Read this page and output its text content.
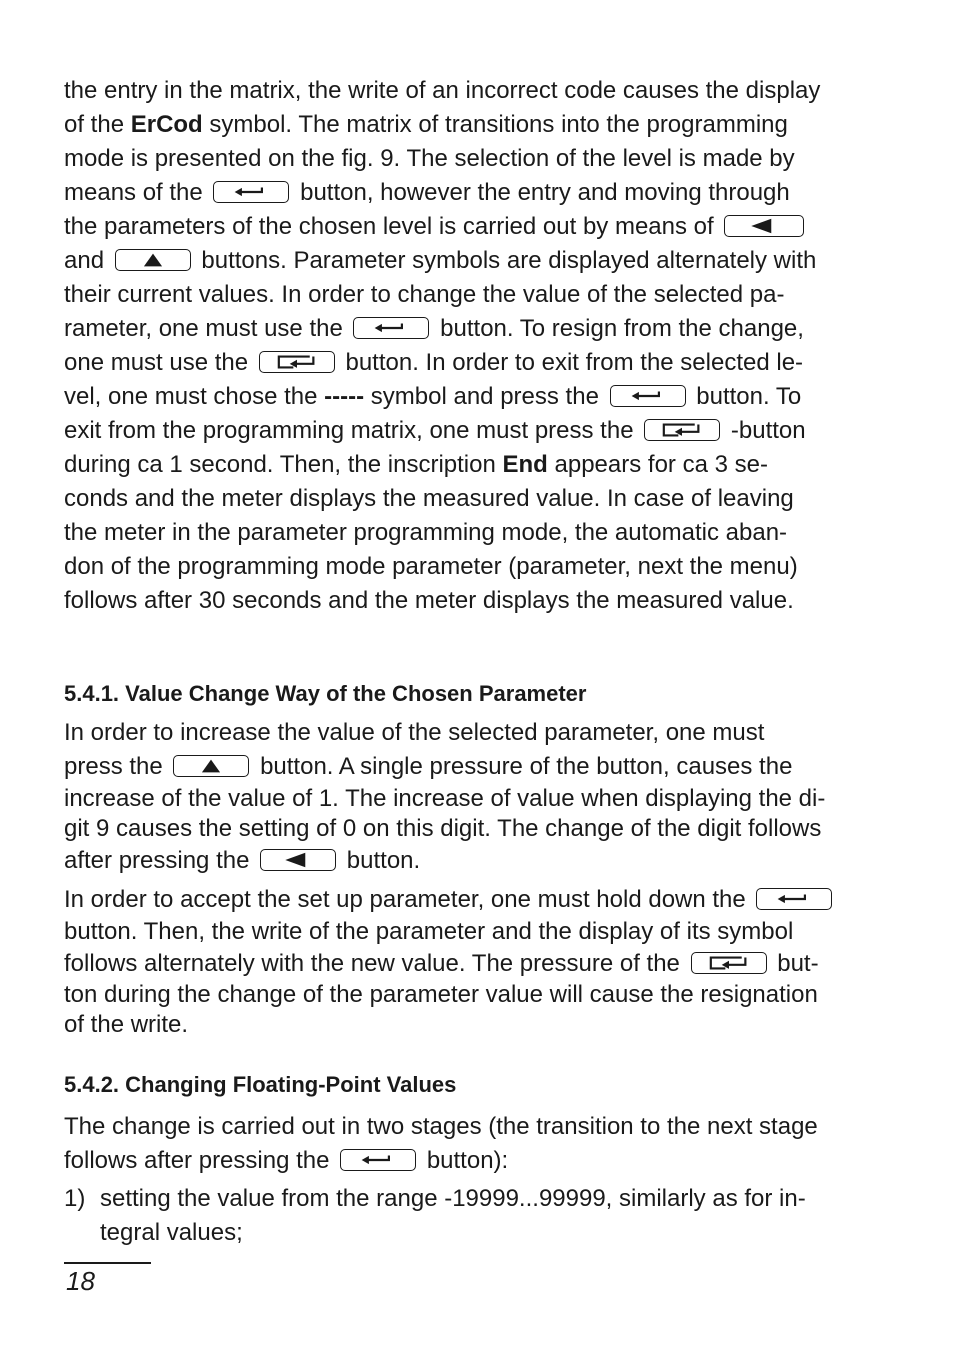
the entry in the matrix, the write of an incorrect code causes the display
of the ErCod symbol. The matrix of transitions into the programming
mode is presented on the fig. 9. The selection of the level is made by
means of the	button, however the entry and moving through
the parameters of the chosen level is carried out by means of
and	buttons. Parameter symbols are displayed alternately with
their current values. In order to change the value of the selected pa-
rameter, one must use the	button. To resign from the change,
one must use the	button. In order to exit from the selected le-
vel, one must chose the ----- symbol and press the	button. To
exit from the programming matrix, one must press the	-button
during ca 1 second. Then, the inscription End appears for ca 3 se-
conds and the meter displays the measured value. In case of leaving
the meter in the parameter programming mode, the automatic aban-
don of the programming mode parameter (parameter, next the menu)
follows after 30 seconds and the meter displays the measured value.
5.4.1. Value Change Way of the Chosen Parameter
In order to increase the value of the selected parameter, one must
press the	button. A single pressure of the button, causes the
increase of the value of 1. The increase of value when displaying the di-
git 9 causes the setting of 0 on this digit. The change of the digit follows
after pressing the	button.
In order to accept the set up parameter, one must hold down the
button. Then, the write of the parameter and the display of its symbol
follows alternately with the new value. The pressure of the	but-
ton during the change of the parameter value will cause the resignation
of the write.
5.4.2. Changing Floating-Point Values
The change is carried out in two stages (the transition to the next stage
follows after pressing the	button):
1) setting the value from the range -19999...99999, similarly as for in-
tegral values;
18
